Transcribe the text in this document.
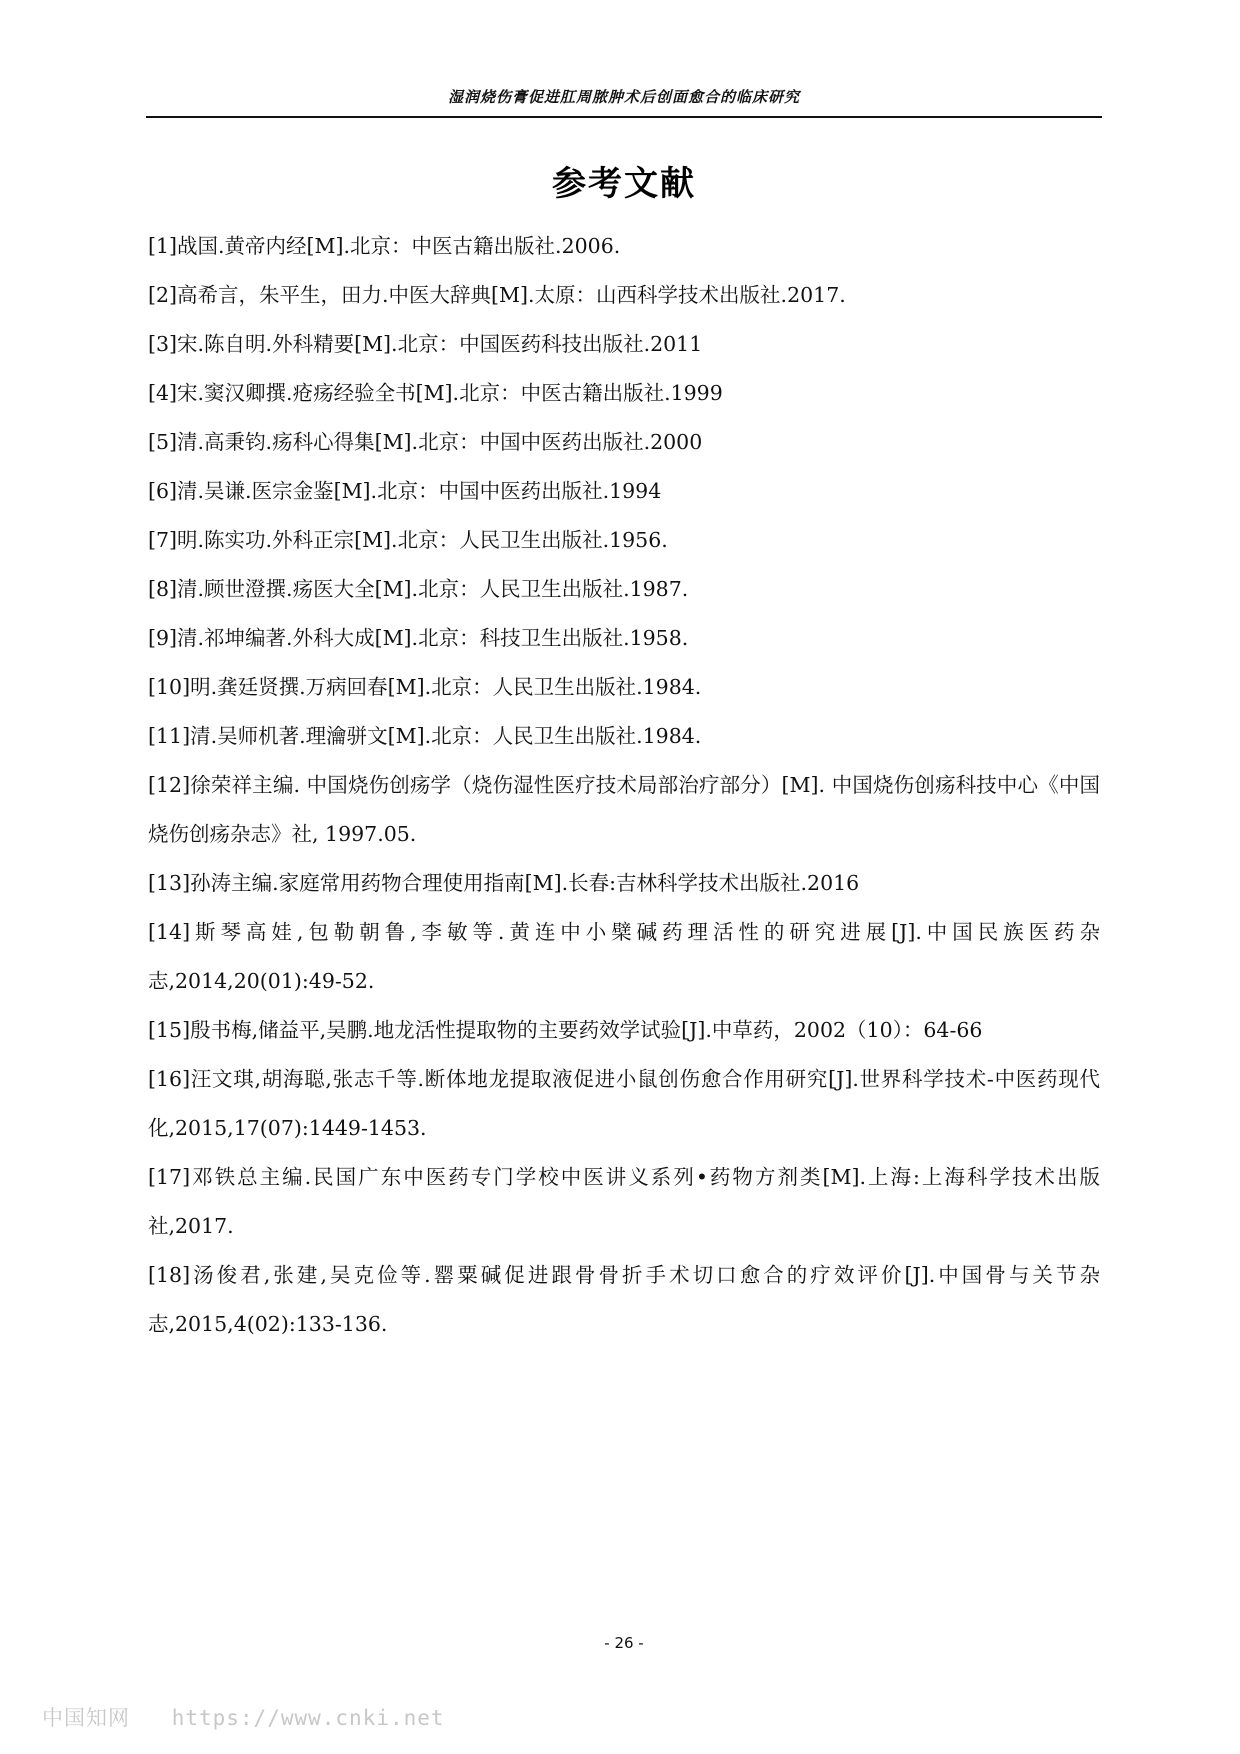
湿润烧伤膏促进肛周脓肿术后创面愈合的临床研究
参考文献
[1]战国.黄帝内经[M].北京：中医古籍出版社.2006.
[2]高希言，朱平生，田力.中医大辞典[M].太原：山西科学技术出版社.2017.
[3]宋.陈自明.外科精要[M].北京：中国医药科技出版社.2011
[4]宋.窦汉卿撰.疮疡经验全书[M].北京：中医古籍出版社.1999
[5]清.高秉钧.疡科心得集[M].北京：中国中医药出版社.2000
[6]清.吴谦.医宗金鉴[M].北京：中国中医药出版社.1994
[7]明.陈实功.外科正宗[M].北京：人民卫生出版社.1956.
[8]清.顾世澄撰.疡医大全[M].北京：人民卫生出版社.1987.
[9]清.祁坤编著.外科大成[M].北京：科技卫生出版社.1958.
[10]明.龚廷贤撰.万病回春[M].北京：人民卫生出版社.1984.
[11]清.吴师机著.理瀹骈文[M].北京：人民卫生出版社.1984.
[12]徐荣祥主编. 中国烧伤创疡学（烧伤湿性医疗技术局部治疗部分）[M]. 中国烧伤创疡科技中心《中国烧伤创疡杂志》社, 1997.05.
[13]孙涛主编.家庭常用药物合理使用指南[M].长春:吉林科学技术出版社.2016
[14]斯琴高娃,包勒朝鲁,李敏等.黄连中小檗碱药理活性的研究进展[J].中国民族医药杂志,2014,20(01):49-52.
[15]殷书梅,储益平,吴鹏.地龙活性提取物的主要药效学试验[J].中草药，2002（10）：64-66
[16]汪文琪,胡海聪,张志千等.断体地龙提取液促进小鼠创伤愈合作用研究[J].世界科学技术-中医药现代化,2015,17(07):1449-1453.
[17]邓铁总主编.民国广东中医药专门学校中医讲义系列•药物方剂类[M].上海:上海科学技术出版社,2017.
[18]汤俊君,张建,吴克俭等.罂粟碱促进跟骨骨折手术切口愈合的疗效评价[J].中国骨与关节杂志,2015,4(02):133-136.
- 26 -
中国知网 https://www.cnki.net
